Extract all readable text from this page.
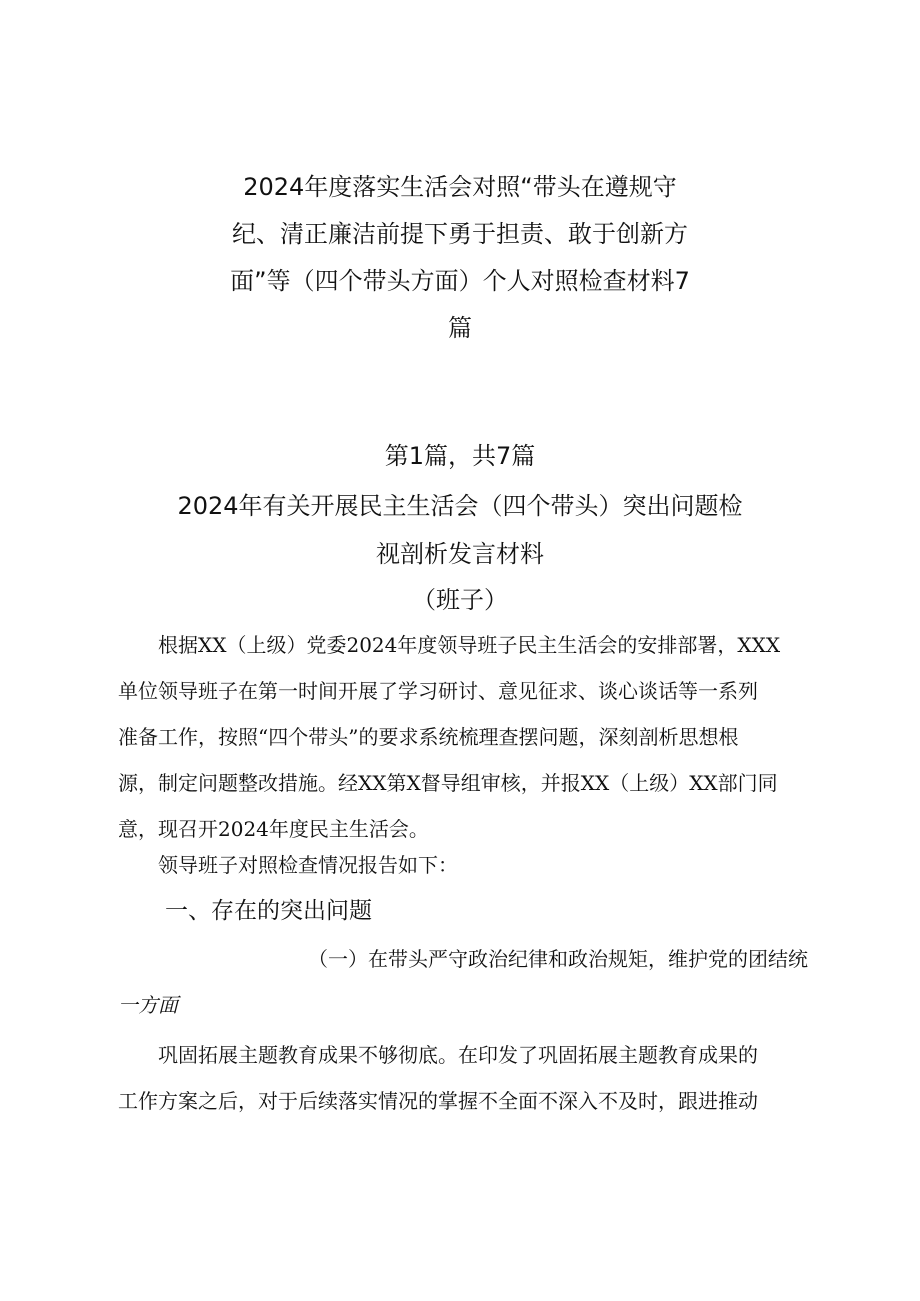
2024年度落实生活会对照“带头在遵规守
纪、清正廉洁前提下勇于担责、敢于创新方
面”等（四个带头方面）个人对照检查材料7
篇

第1篇，共7篇

2024年有关开展民主生活会（四个带头）突出问题检

视剖析发言材料

（班子）

根据XX（上级）党委2024年度领导班子民主生活会的安排部署，XXX
单位领导班子在第一时间开展了学习研讨、意见征求、谈心谈话等一系列
准备工作，按照“四个带头”的要求系统梳理查摆问题，深刻剖析思想根
源，制定问题整改措施。经XX第X督导组审核，并报XX（上级）XX部门同
意，现召开2024年度民主生活会。
领导班子对照检查情况报告如下：
一、存在的突出问题
（一）在带头严守政治纪律和政治规矩，维护党的团结统
一方面
巩固拓展主题教育成果不够彻底。在印发了巩固拓展主题教育成果的
工作方案之后，对于后续落实情况的掌握不全面不深入不及时，跟进推动
